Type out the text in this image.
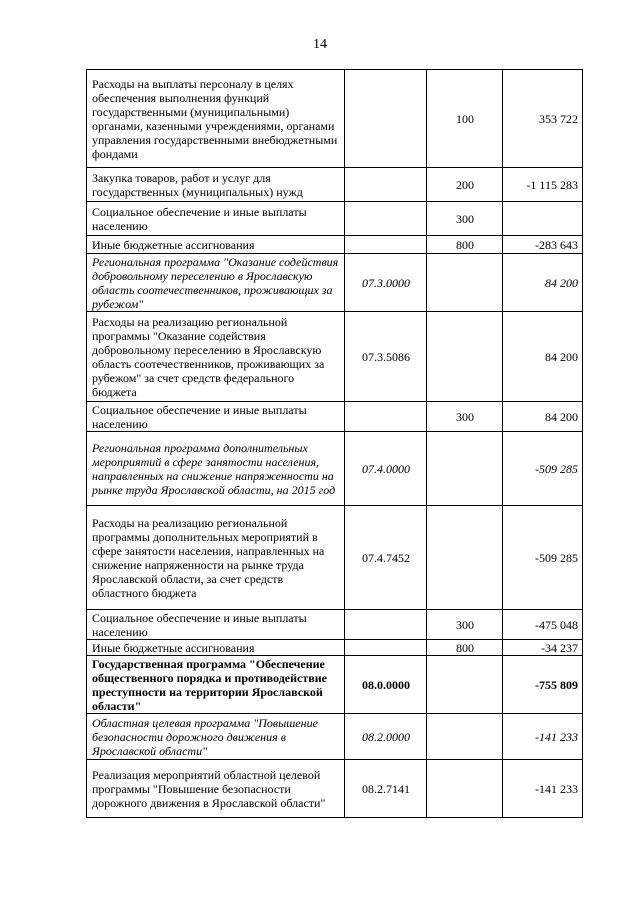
14
Расходы на выплаты персоналу в целях обеспечения выполнения функций государственными (муниципальными) органами, казенными учреждениями, органами управления государственными внебюджетными фондами		100	353 722
Закупка товаров, работ и услуг для государственных (муниципальных) нужд		200	-1 115 283
Социальное обеспечение и иные выплаты населению		300	
Иные бюджетные ассигнования		800	-283 643
Региональная программа "Оказание содействия добровольному переселению в Ярославскую область соотечественников, проживающих за рубежом"	07.3.0000		84 200
Расходы на реализацию региональной программы "Оказание содействия добровольному переселению в Ярославскую область соотечественников, проживающих за рубежом" за счет средств федерального бюджета	07.3.5086		84 200
Социальное обеспечение и иные выплаты населению		300	84 200
Региональная программа дополнительных мероприятий в сфере занятости населения, направленных на снижение напряженности на рынке труда Ярославской области, на 2015 год	07.4.0000		-509 285
Расходы на реализацию региональной программы дополнительных мероприятий в сфере занятости населения, направленных на снижение напряженности на рынке труда Ярославской области, за счет средств областного бюджета	07.4.7452		-509 285
Социальное обеспечение и иные выплаты населению		300	-475 048
Иные бюджетные ассигнования		800	-34 237
Государственная программа "Обеспечение общественного порядка и противодействие преступности на территории Ярославской области"	08.0.0000		-755 809
Областная целевая программа "Повышение безопасности дорожного движения в Ярославской области"	08.2.0000		-141 233
Реализация мероприятий областной целевой программы "Повышение безопасности дорожного движения в Ярославской области"	08.2.7141		-141 233
